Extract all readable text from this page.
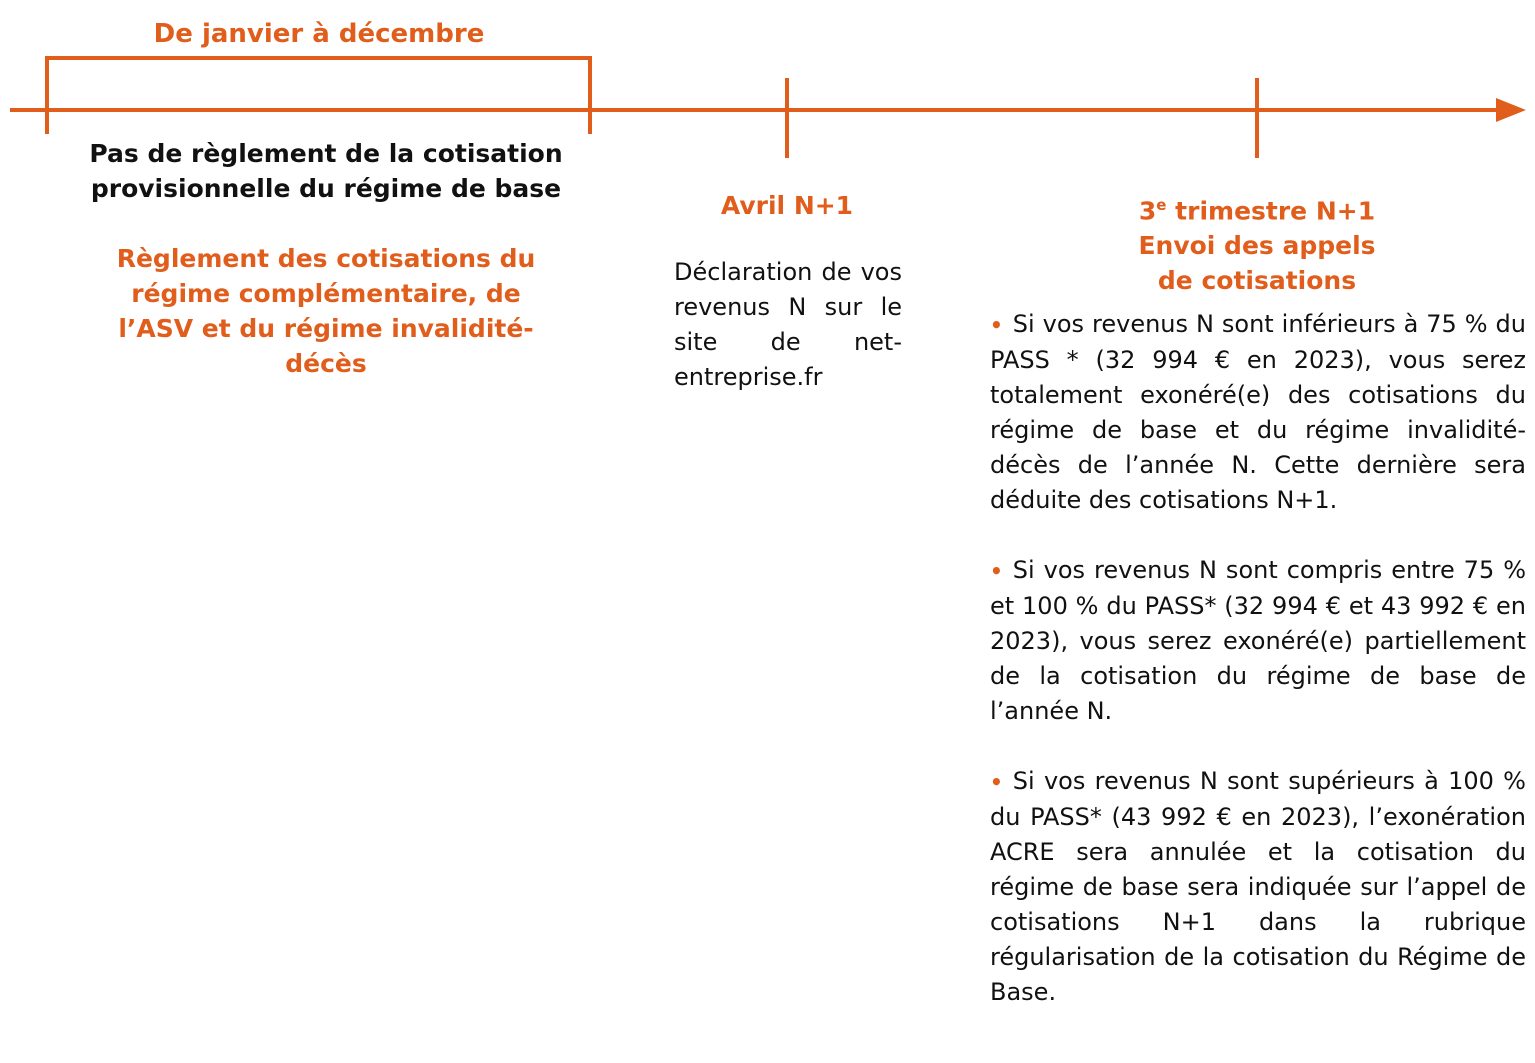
De janvier à décembre
Pas de règlement de la cotisation provisionnelle du régime de base
Règlement des cotisations du régime complémentaire, de l’ASV et du régime invalidité-décès
Avril N+1
Déclaration de vos revenus N sur le site de net-entreprise.fr
3e trimestre N+1
Envoi des appels
de cotisations
• Si vos revenus N sont inférieurs à 75 % du PASS * (32 994 € en 2023), vous serez totalement exonéré(e) des cotisations du régime de base et du régime invalidité-décès de l’année N. Cette dernière sera déduite des cotisations N+1.
• Si vos revenus N sont compris entre 75 % et 100 % du PASS* (32 994 € et 43 992 € en 2023), vous serez exonéré(e) partiellement de la cotisation du régime de base de l’année N.
• Si vos revenus N sont supérieurs à 100 % du PASS* (43 992 € en 2023), l’exonération ACRE sera annulée et la cotisation du régime de base sera indiquée sur l’appel de cotisations N+1 dans la rubrique régularisation de la cotisation du Régime de Base.
